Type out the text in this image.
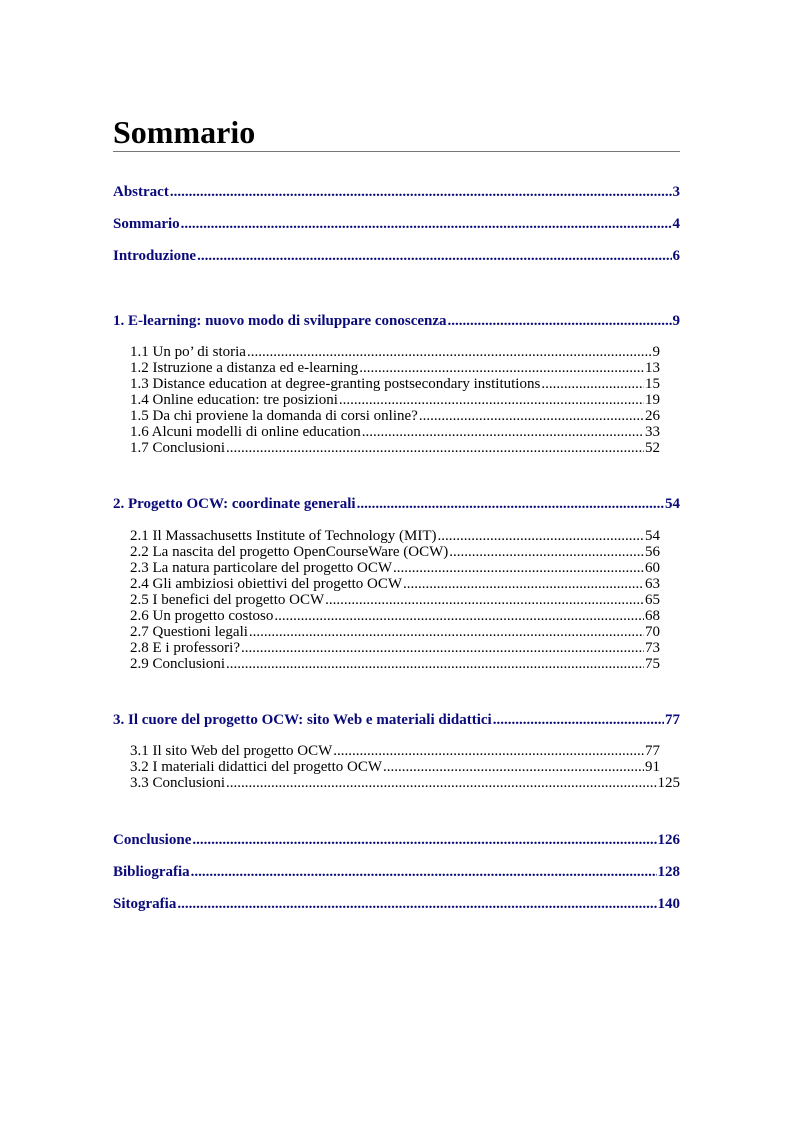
Sommario
Abstract .....	3
Sommario .....	4
Introduzione .....	6
1. E-learning: nuovo modo di sviluppare conoscenza .....	9
1.1 Un po’ di storia .....	9
1.2 Istruzione a distanza ed e-learning .....	13
1.3 Distance education at degree-granting postsecondary institutions .....	15
1.4 Online education: tre posizioni .....	19
1.5 Da chi proviene la domanda di corsi online? .....	26
1.6 Alcuni modelli di online education .....	33
1.7 Conclusioni .....	52
2. Progetto OCW: coordinate generali .....	54
2.1 Il Massachusetts Institute of Technology (MIT) .....	54
2.2 La nascita del progetto OpenCourseWare (OCW) .....	56
2.3 La natura particolare del progetto OCW .....	60
2.4 Gli ambiziosi obiettivi del progetto OCW .....	63
2.5 I benefici del progetto OCW .....	65
2.6 Un progetto costoso .....	68
2.7 Questioni legali .....	70
2.8 E i professori? .....	73
2.9 Conclusioni .....	75
3. Il cuore del progetto OCW: sito Web e materiali didattici .....	77
3.1 Il sito Web del progetto OCW .....	77
3.2 I materiali didattici del progetto OCW .....	91
3.3 Conclusioni .....	125
Conclusione .....	126
Bibliografia .....	128
Sitografia .....	140
